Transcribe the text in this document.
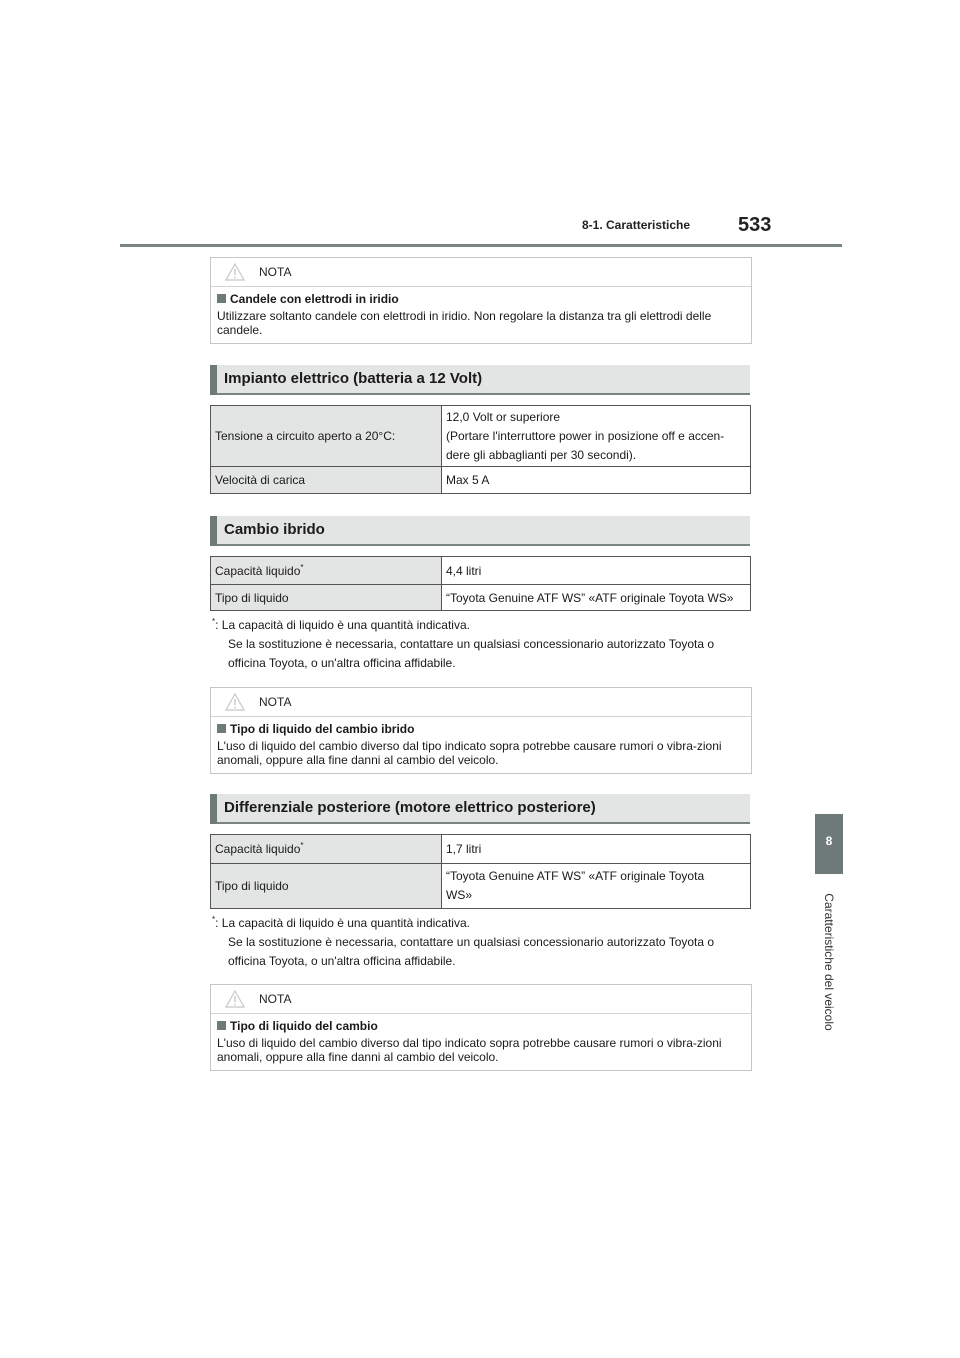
8-1. Caratteristiche 533
8
Caratteristiche del veicolo
NOTA
Candele con elettrodi in iridio
Utilizzare soltanto candele con elettrodi in iridio. Non regolare la distanza tra gli elettrodi delle candele.
Impianto elettrico (batteria a 12 Volt)
Tensione a circuito aperto a 20°C:	12,0 Volt or superiore
(Portare l'interruttore power in posizione off e accen-
dere gli abbaglianti per 30 secondi).

Velocità di carica	Max 5 A
Cambio ibrido
Capacità liquido*	4,4 litri
Tipo di liquido	“Toyota Genuine ATF WS” «ATF originale Toyota WS»
*: La capacità di liquido è una quantità indicativa.
Se la sostituzione è necessaria, contattare un qualsiasi concessionario autorizzato Toyota o
officina Toyota, o un'altra officina affidabile.
NOTA
Tipo di liquido del cambio ibrido
L'uso di liquido del cambio diverso dal tipo indicato sopra potrebbe causare rumori o vibra-zioni anomali, oppure alla fine danni al cambio del veicolo.
Differenziale posteriore (motore elettrico posteriore)
Capacità liquido*	1,7 litri
Tipo di liquido	“Toyota Genuine ATF WS” «ATF originale Toyota
WS»
*: La capacità di liquido è una quantità indicativa.
Se la sostituzione è necessaria, contattare un qualsiasi concessionario autorizzato Toyota o
officina Toyota, o un'altra officina affidabile.
NOTA
Tipo di liquido del cambio
L'uso di liquido del cambio diverso dal tipo indicato sopra potrebbe causare rumori o vibra-zioni anomali, oppure alla fine danni al cambio del veicolo.
